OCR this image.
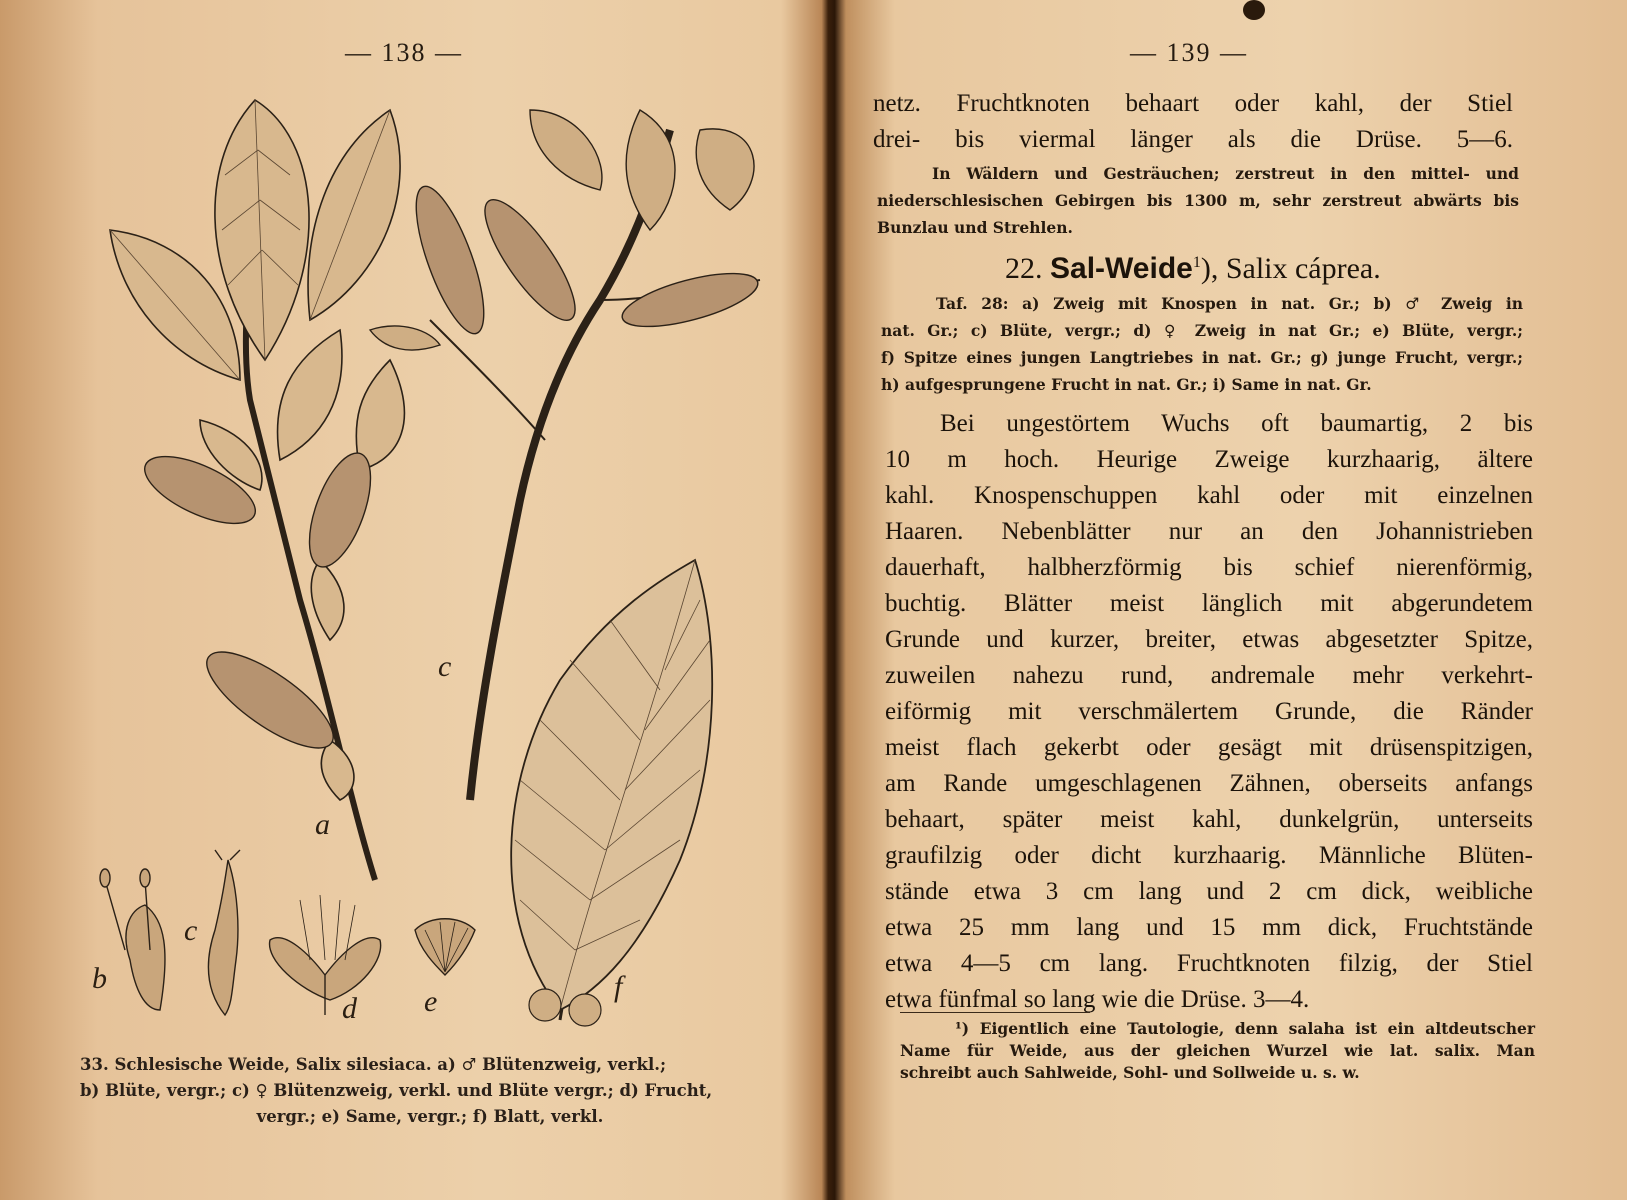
— 138 —
a
b
c
c
d e	f
33. Schlesische Weide, Salix silesiaca. a) ♂ Blütenzweig, verkl.;
b) Blüte, vergr.; c) ♀ Blütenzweig, verkl. und Blüte vergr.; d) Frucht,
vergr.; e) Same, vergr.; f) Blatt, verkl.
— 139 —
netz. Fruchtknoten behaart oder kahl, der Stiel
drei- bis viermal länger als die Drüse. 5—6.
In Wäldern und Gesträuchen; zerstreut in den mittel- und
niederschlesischen Gebirgen bis 1300 m, sehr zerstreut abwärts bis
Bunzlau und Strehlen.
22. Sal-Weide$^1$), Salix cáprea.
Taf. 28: a) Zweig mit Knospen in nat. Gr.; b) ♂ Zweig in
nat. Gr.; c) Blüte, vergr.; d) ♀ Zweig in nat Gr.; e) Blüte, vergr.;
f) Spitze eines jungen Langtriebes in nat. Gr.; g) junge Frucht, vergr.;
h) aufgesprungene Frucht in nat. Gr.; i) Same in nat. Gr.
Bei ungestörtem Wuchs oft baumartig, 2 bis
10 m hoch. Heurige Zweige kurzhaarig, ältere
kahl. Knospenschuppen kahl oder mit einzelnen
Haaren. Nebenblätter nur an den Johannistrieben
dauerhaft, halbherzförmig bis schief nierenförmig,
buchtig. Blätter meist länglich mit abgerundetem
Grunde und kurzer, breiter, etwas abgesetzter Spitze,
zuweilen nahezu rund, andremale mehr verkehrt-
eiförmig mit verschmälertem Grunde, die Ränder
meist flach gekerbt oder gesägt mit drüsenspitzigen,
am Rande umgeschlagenen Zähnen, oberseits anfangs
behaart, später meist kahl, dunkelgrün, unterseits
graufilzig oder dicht kurzhaarig. Männliche Blüten-
stände etwa 3 cm lang und 2 cm dick, weibliche
etwa 25 mm lang und 15 mm dick, Fruchtstände
etwa 4—5 cm lang. Fruchtknoten filzig, der Stiel
etwa fünfmal so lang wie die Drüse. 3—4.
¹) Eigentlich eine Tautologie, denn salaha ist ein altdeutscher
Name für Weide, aus der gleichen Wurzel wie lat. salix. Man
schreibt auch Sahlweide, Sohl- und Sollweide u. s. w.
